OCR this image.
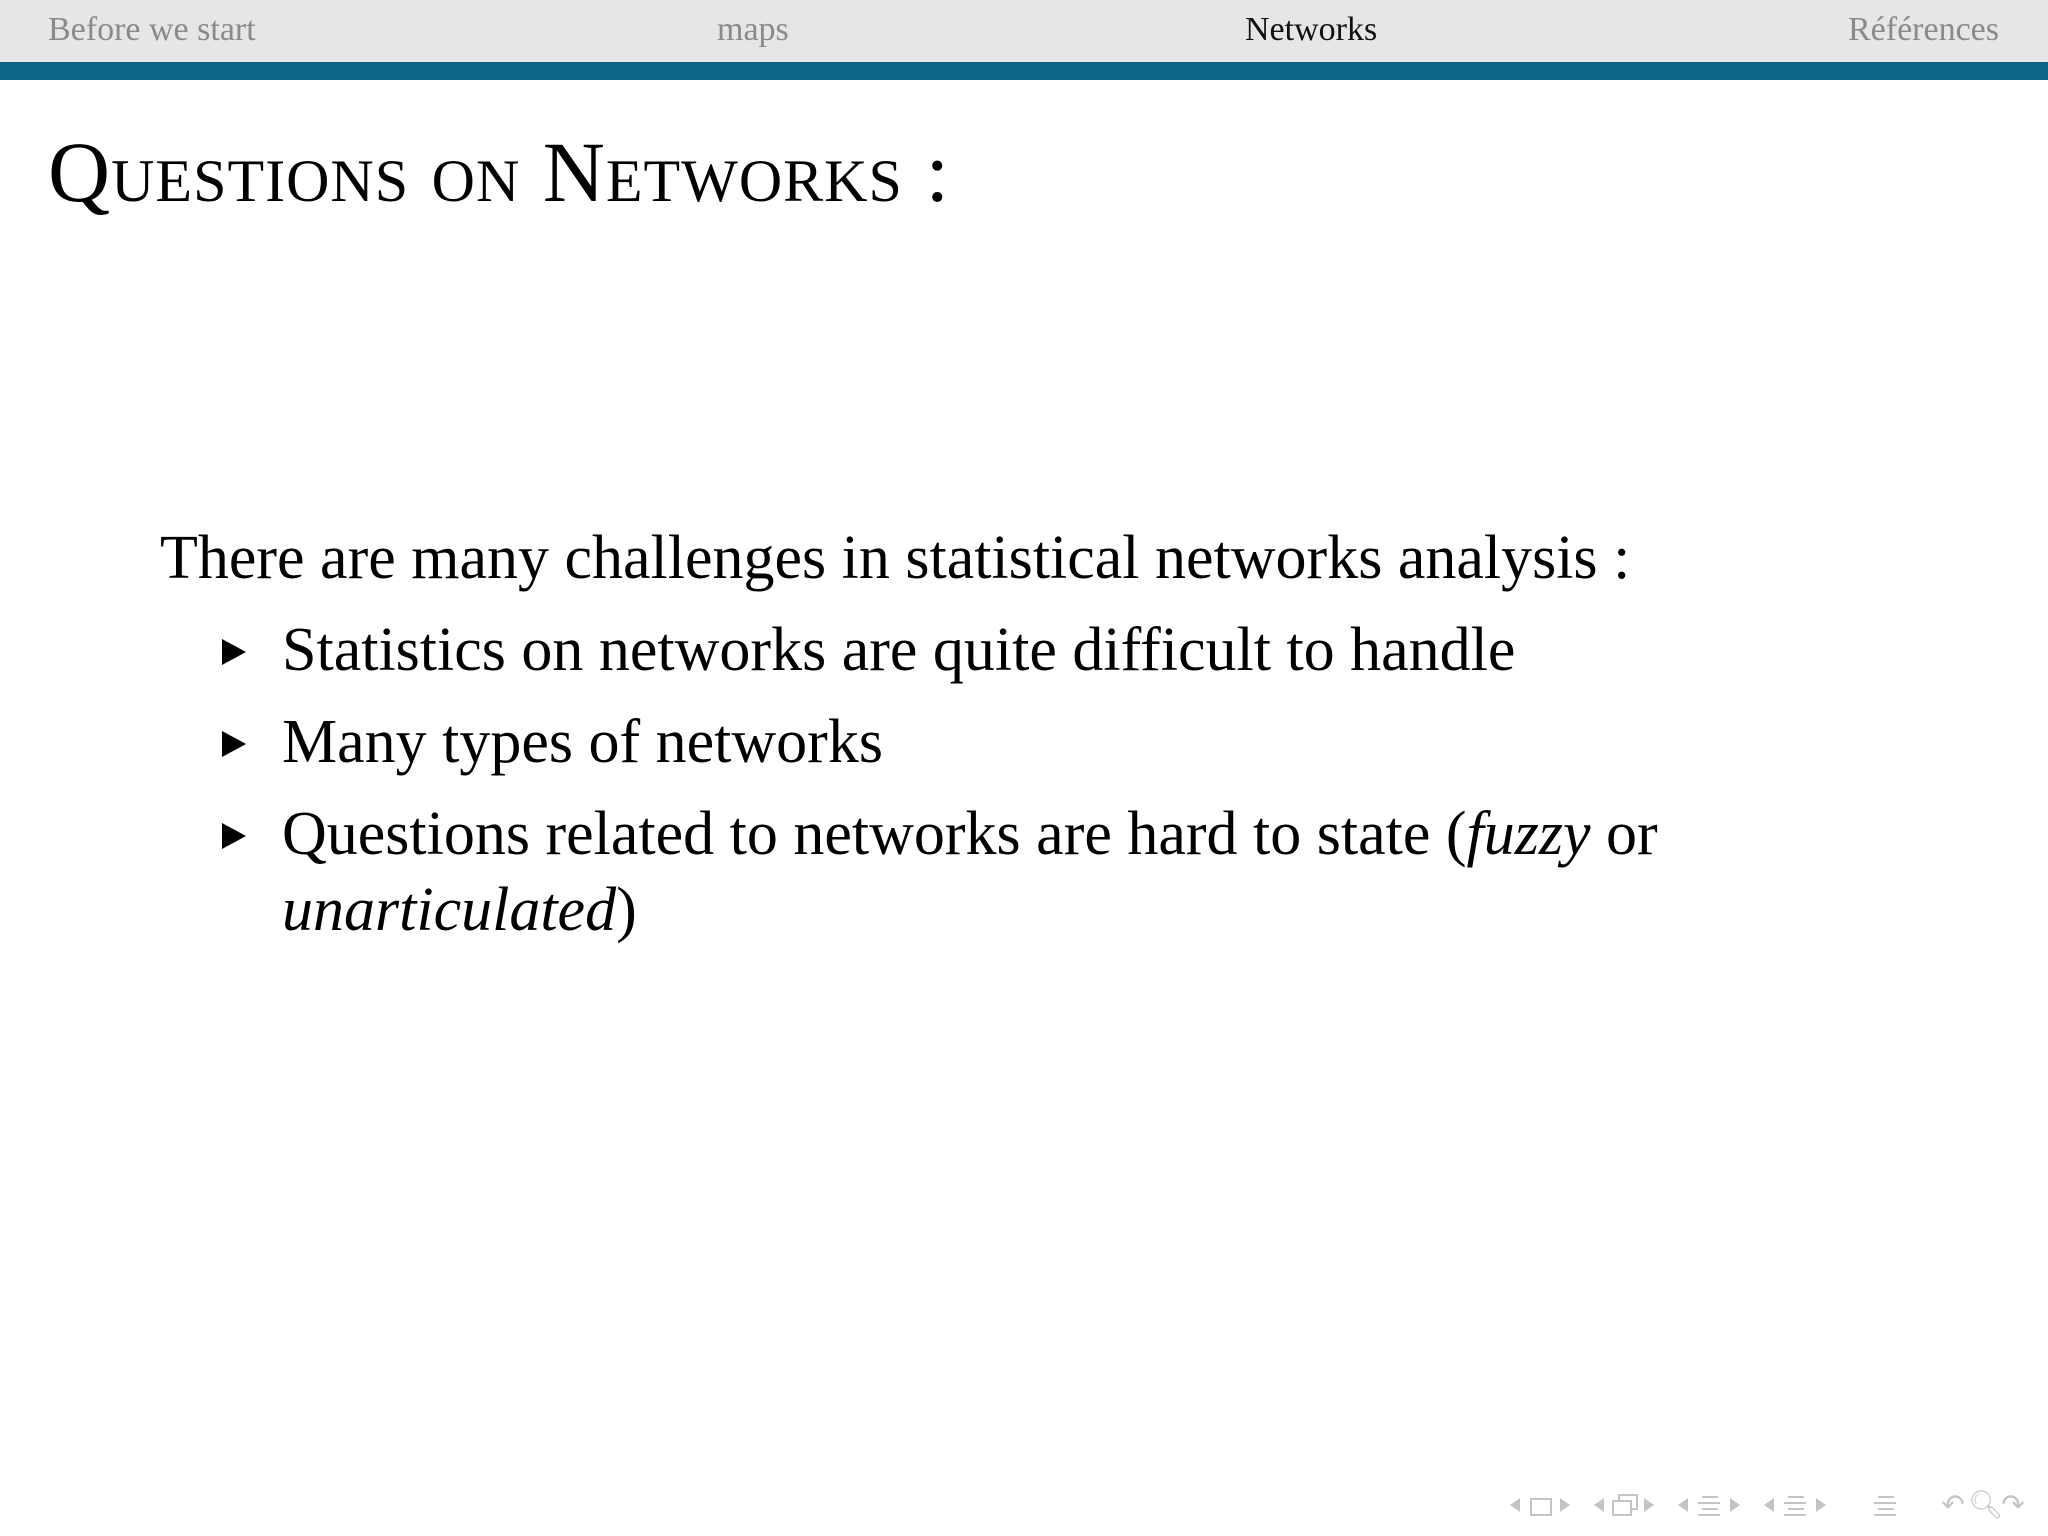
Before we start	maps	Networks	Références
Questions on Networks :

There are many challenges in statistical networks analysis :

Statistics on networks are quite difficult to handle
Many types of networks
Questions related to networks are hard to state (fuzzy or unarticulated)
↶ 🔍︎
↷
